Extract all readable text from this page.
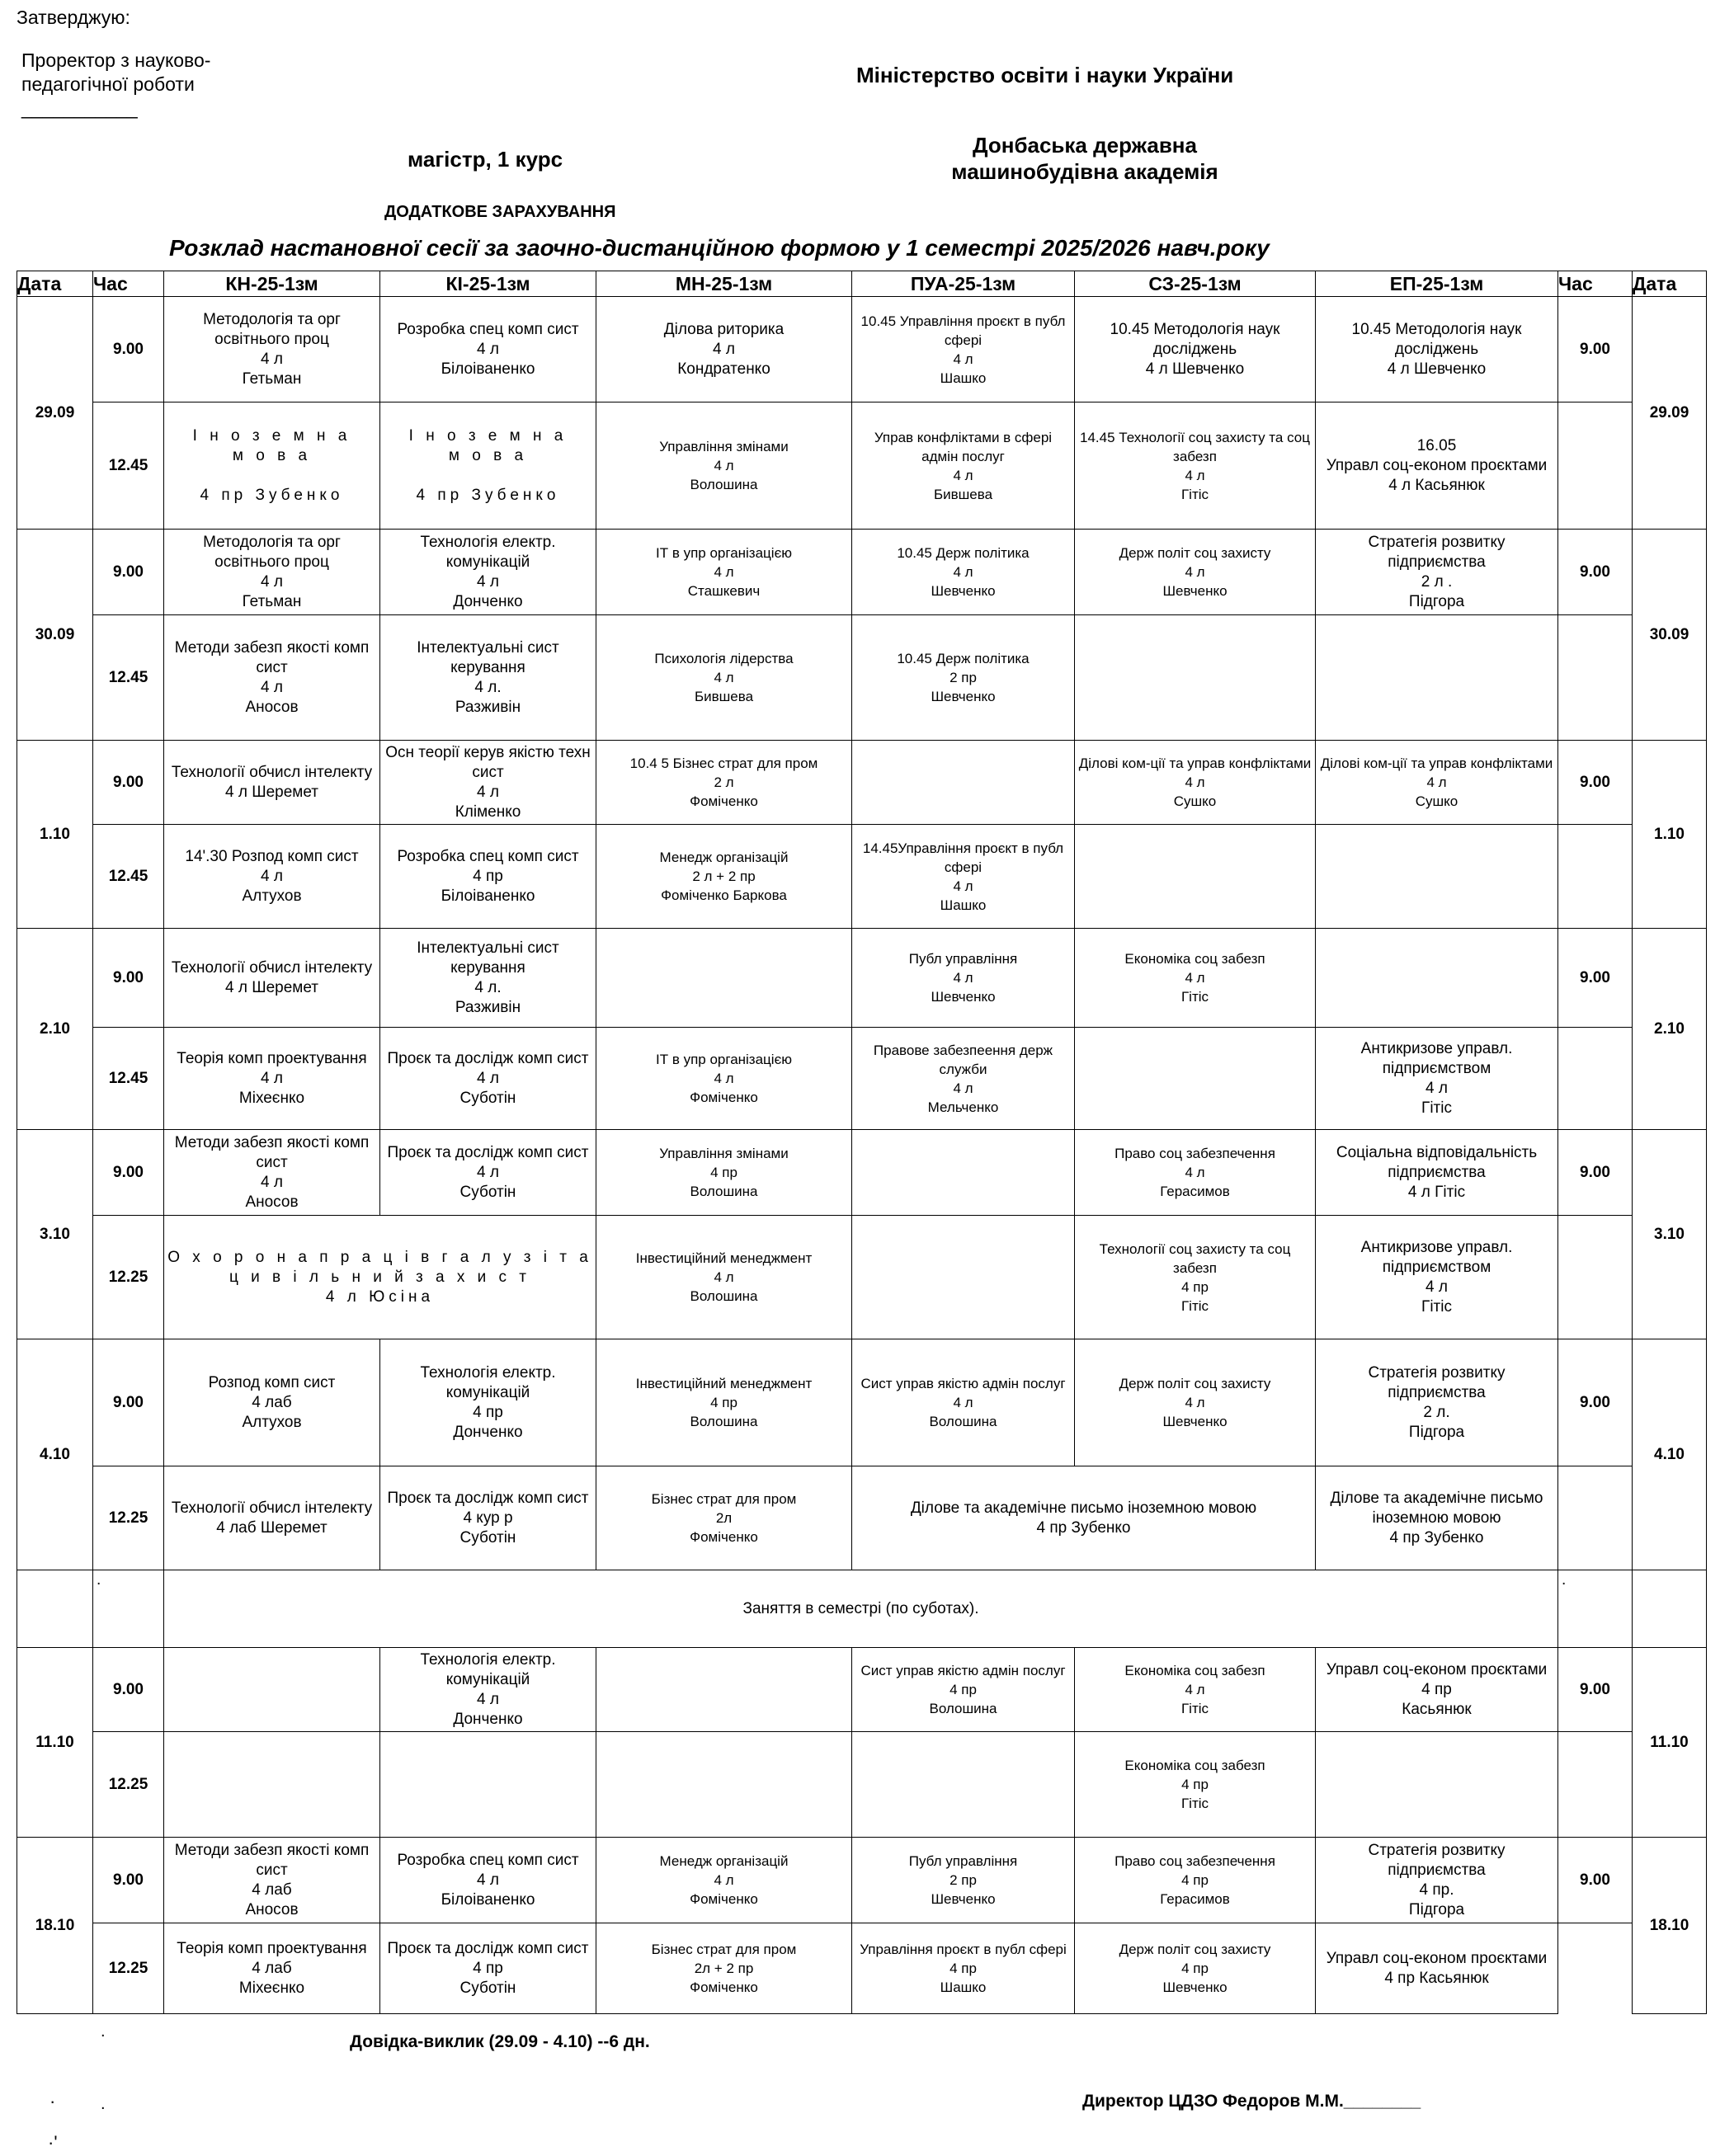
Затверджую:
Проректор з науково-
педагогічної роботи
___________
Міністерство освіти і науки України
Донбаська державна
машинобудівна академія
магістр, 1 курс
ДОДАТКОВЕ ЗАРАХУВАННЯ
Розклад настановної сесії за заочно-дистанційною формою у 1 семестрі 2025/2026 навч.року
Дата	Час	КН-25-1зм	КІ-25-1зм	МН-25-1зм	ПУА-25-1зм	СЗ-25-1зм	ЕП-25-1зм	Час	Дата
29.09	9.00	Методологія та орг освітнього проц
4 л
Гетьман	Розробка спец комп сист
4 л
Білоіваненко	Ділова риторика
4 л
Кондратенко	10.45 Управління проєкт в публ сфері
4 л
Шашко	10.45 Методологія наук досліджень
4 л Шевченко	10.45 Методологія наук досліджень
4 л Шевченко	9.00	29.09
	12.45	І н о з е м н а
м о в а

4 пр Зубенко	І н о з е м н а
м о в а

4 пр Зубенко	Управління змінами
4 л
Волошина	Управ конфліктами в сфері адмін послуг
4 л
Бившева	14.45 Технології соц захисту та соц забезп
4 л
Гітіс	16.05
Управл соц-економ проєктами
4 л Касьянюк		
30.09	9.00	Методологія та орг освітнього проц
4 л
Гетьман	Технологія електр. комунікацій
4 л
Донченко	ІТ в упр організацією
4 л
Сташкевич	10.45 Держ політика
4 л
Шевченко	Держ політ соц захисту
4 л
Шевченко	Стратегія розвитку підприємства
2 л .
Підгора	9.00	30.09
	12.45	Методи забезп якості комп сист
4 л
Аносов	Інтелектуальні сист керування
4 л.
Разживін	Психологія лідерства
4 л
Бившева	10.45 Держ політика
2 пр
Шевченко				
1.10	9.00	Технології обчисл інтелекту
4 л Шеремет	Осн теорії керув якістю техн сист
4 л
Кліменко	10.4 5 Бізнес страт для пром
2 л
Фоміченко		Ділові ком-ції та управ конфліктами
4 л
Сушко	Ділові ком-ції та управ конфліктами
4 л
Сушко	9.00	1.10
	12.45	14'.30 Розпод комп сист
4 л
Алтухов	Розробка спец комп сист
4 пр
Білоіваненко	Менедж організацій
2 л + 2 пр
Фоміченко Баркова	14.45Управління проєкт в публ сфері
4 л
Шашко				
2.10	9.00	Технології обчисл інтелекту
4 л Шеремет	Інтелектуальні сист керування
4 л.
Разживін		Публ управління
4 л
Шевченко	Економіка соц забезп
4 л
Гітіс		9.00	2.10
	12.45	Теорія комп проектування
4 л
Міхеєнко	Проєк та дослідж комп сист
4 л
Суботін	ІТ в упр організацією
4 л
Фоміченко	Правове забезпеення держ служби
4 л
Мельченко		Антикризове управл. підприємством
4 л
Гітіс		
3.10	9.00	Методи забезп якості комп сист
4 л
Аносов	Проєк та дослідж комп сист
4 л
Суботін	Управління змінами
4 пр
Волошина		Право соц забезпечення
4 л
Герасимов	Соціальна відповідальність підприємства
4 л Гітіс	9.00	3.10
	12.25	О х о р о н а п р а ц і в г а л у з і т а
ц и в і л ь н и й з а х и с т
4 л Юсіна		Інвестиційний менеджмент
4 л
Волошина		Технології соц захисту та соц забезп
4 пр
Гітіс	Антикризове управл. підприємством
4 л
Гітіс		
4.10	9.00	Розпод комп сист
4 лаб
Алтухов	Технологія електр. комунікацій
4 пр
Донченко	Інвестиційний менеджмент
4 пр
Волошина	Сист управ якістю адмін послуг
4 л
Волошина	Держ політ соц захисту
4 л
Шевченко	Стратегія розвитку підприємства
2 л.
Підгора	9.00	4.10
	12.25	Технології обчисл інтелекту
4 лаб Шеремет	Проєк та дослідж комп сист
4 кур р
Суботін	Бізнес страт для пром
2л
Фоміченко	Ділове та академічне письмо іноземною мовою
4 пр Зубенко		Ділове та академічне письмо іноземною мовою
4 пр Зубенко		
	.	Заняття в семестрі (по суботах).						.	
11.10	9.00		Технологія електр. комунікацій
4 л
Донченко		Сист управ якістю адмін послуг
4 пр
Волошина	Економіка соц забезп
4 л
Гітіс	Управл соц-економ проєктами
4 пр
Касьянюк	9.00	11.10
	12.25					Економіка соц забезп
4 пр
Гітіс			
18.10	9.00	Методи забезп якості комп сист
4 лаб
Аносов	Розробка спец комп сист
4 л
Білоіваненко	Менедж організацій
4 л
Фоміченко	Публ управління
2 пр
Шевченко	Право соц забезпечення
4 пр
Герасимов	Стратегія розвитку підприємства
4 пр.
Підгора	9.00	18.10
	12.25	Теорія комп проектування
4 лаб
Міхеєнко	Проєк та дослідж комп сист
4 пр
Суботін	Бізнес страт для пром
2л + 2 пр
Фоміченко	Управління проєкт в публ сфері
4 пр
Шашко	Держ політ соц захисту
4 пр
Шевченко	Управл соц-економ проєктами
4 пр Касьянюк		
.
Довідка-виклик (29.09 - 4.10) --6 дн.
·	.	Директор ЦДЗО Федоров М.М.________
·'
